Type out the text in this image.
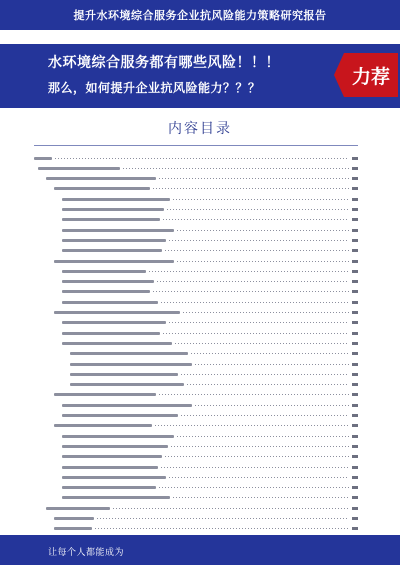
提升水环境综合服务企业抗风险能力策略研究报告
水环境综合服务都有哪些风险！！！
那么，如何提升企业抗风险能力？？？
力荐
内容目录
让每个人都能成为
